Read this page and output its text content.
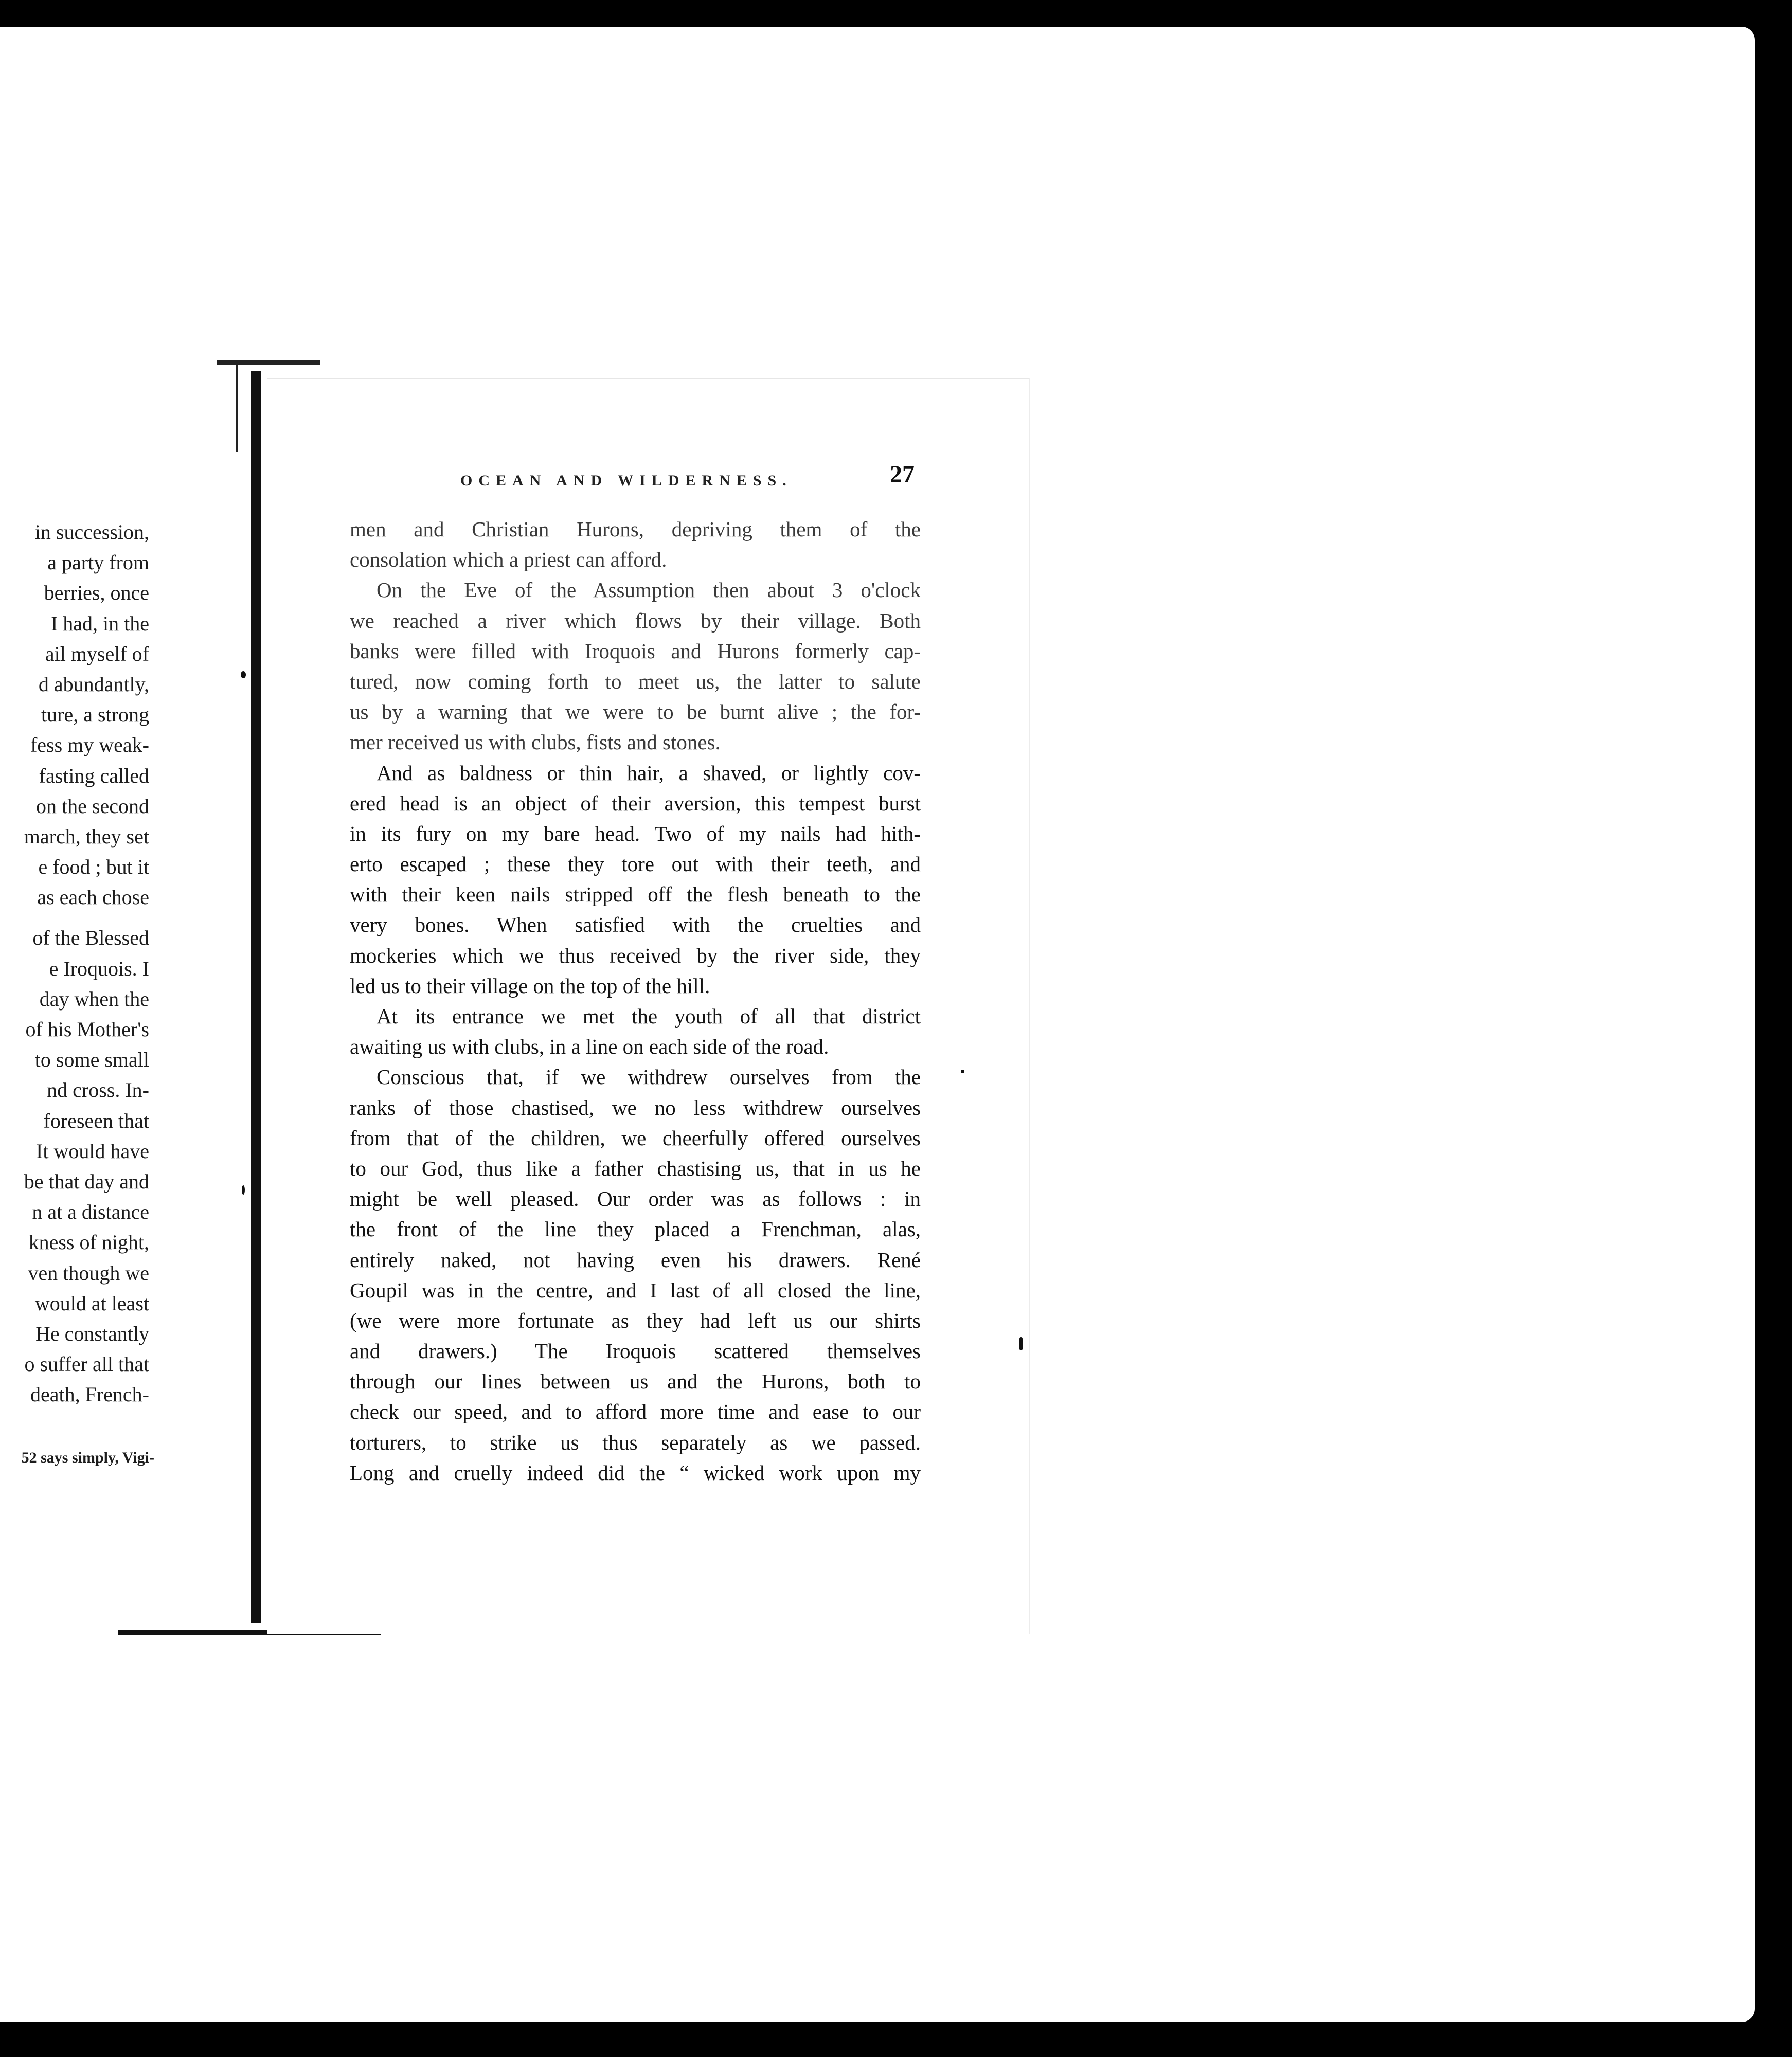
in succession,
a party from
berries, once
I had, in the
ail myself of
d abundantly,
ture, a strong
fess my weak-
fasting called
on the second
march, they set
e food ; but it
as each chose
of the Blessed
e Iroquois. I
day when the
of his Mother's
to some small
nd cross. In-
foreseen that
It would have
be that day and
n at a distance
kness of night,
ven though we
would at least
He constantly
o suffer all that
death, French-
52 says simply, Vigi-
OCEAN AND WILDERNESS.	27
men and Christian Hurons, depriving them of the
consolation which a priest can afford.
On the Eve of the Assumption then about 3 o'clock
we reached a river which flows by their village. Both
banks were filled with Iroquois and Hurons formerly cap-
tured, now coming forth to meet us, the latter to salute
us by a warning that we were to be burnt alive ; the for-
mer received us with clubs, fists and stones.
And as baldness or thin hair, a shaved, or lightly cov-
ered head is an object of their aversion, this tempest burst
in its fury on my bare head. Two of my nails had hith-
erto escaped ; these they tore out with their teeth, and
with their keen nails stripped off the flesh beneath to the
very bones. When satisfied with the cruelties and
mockeries which we thus received by the river side, they
led us to their village on the top of the hill.
At its entrance we met the youth of all that district
awaiting us with clubs, in a line on each side of the road.
Conscious that, if we withdrew ourselves from the
ranks of those chastised, we no less withdrew ourselves
from that of the children, we cheerfully offered ourselves
to our God, thus like a father chastising us, that in us he
might be well pleased. Our order was as follows : in
the front of the line they placed a Frenchman, alas,
entirely naked, not having even his drawers. René
Goupil was in the centre, and I last of all closed the line,
(we were more fortunate as they had left us our shirts
and drawers.) The Iroquois scattered themselves
through our lines between us and the Hurons, both to
check our speed, and to afford more time and ease to our
torturers, to strike us thus separately as we passed.
Long and cruelly indeed did the “ wicked work upon my
